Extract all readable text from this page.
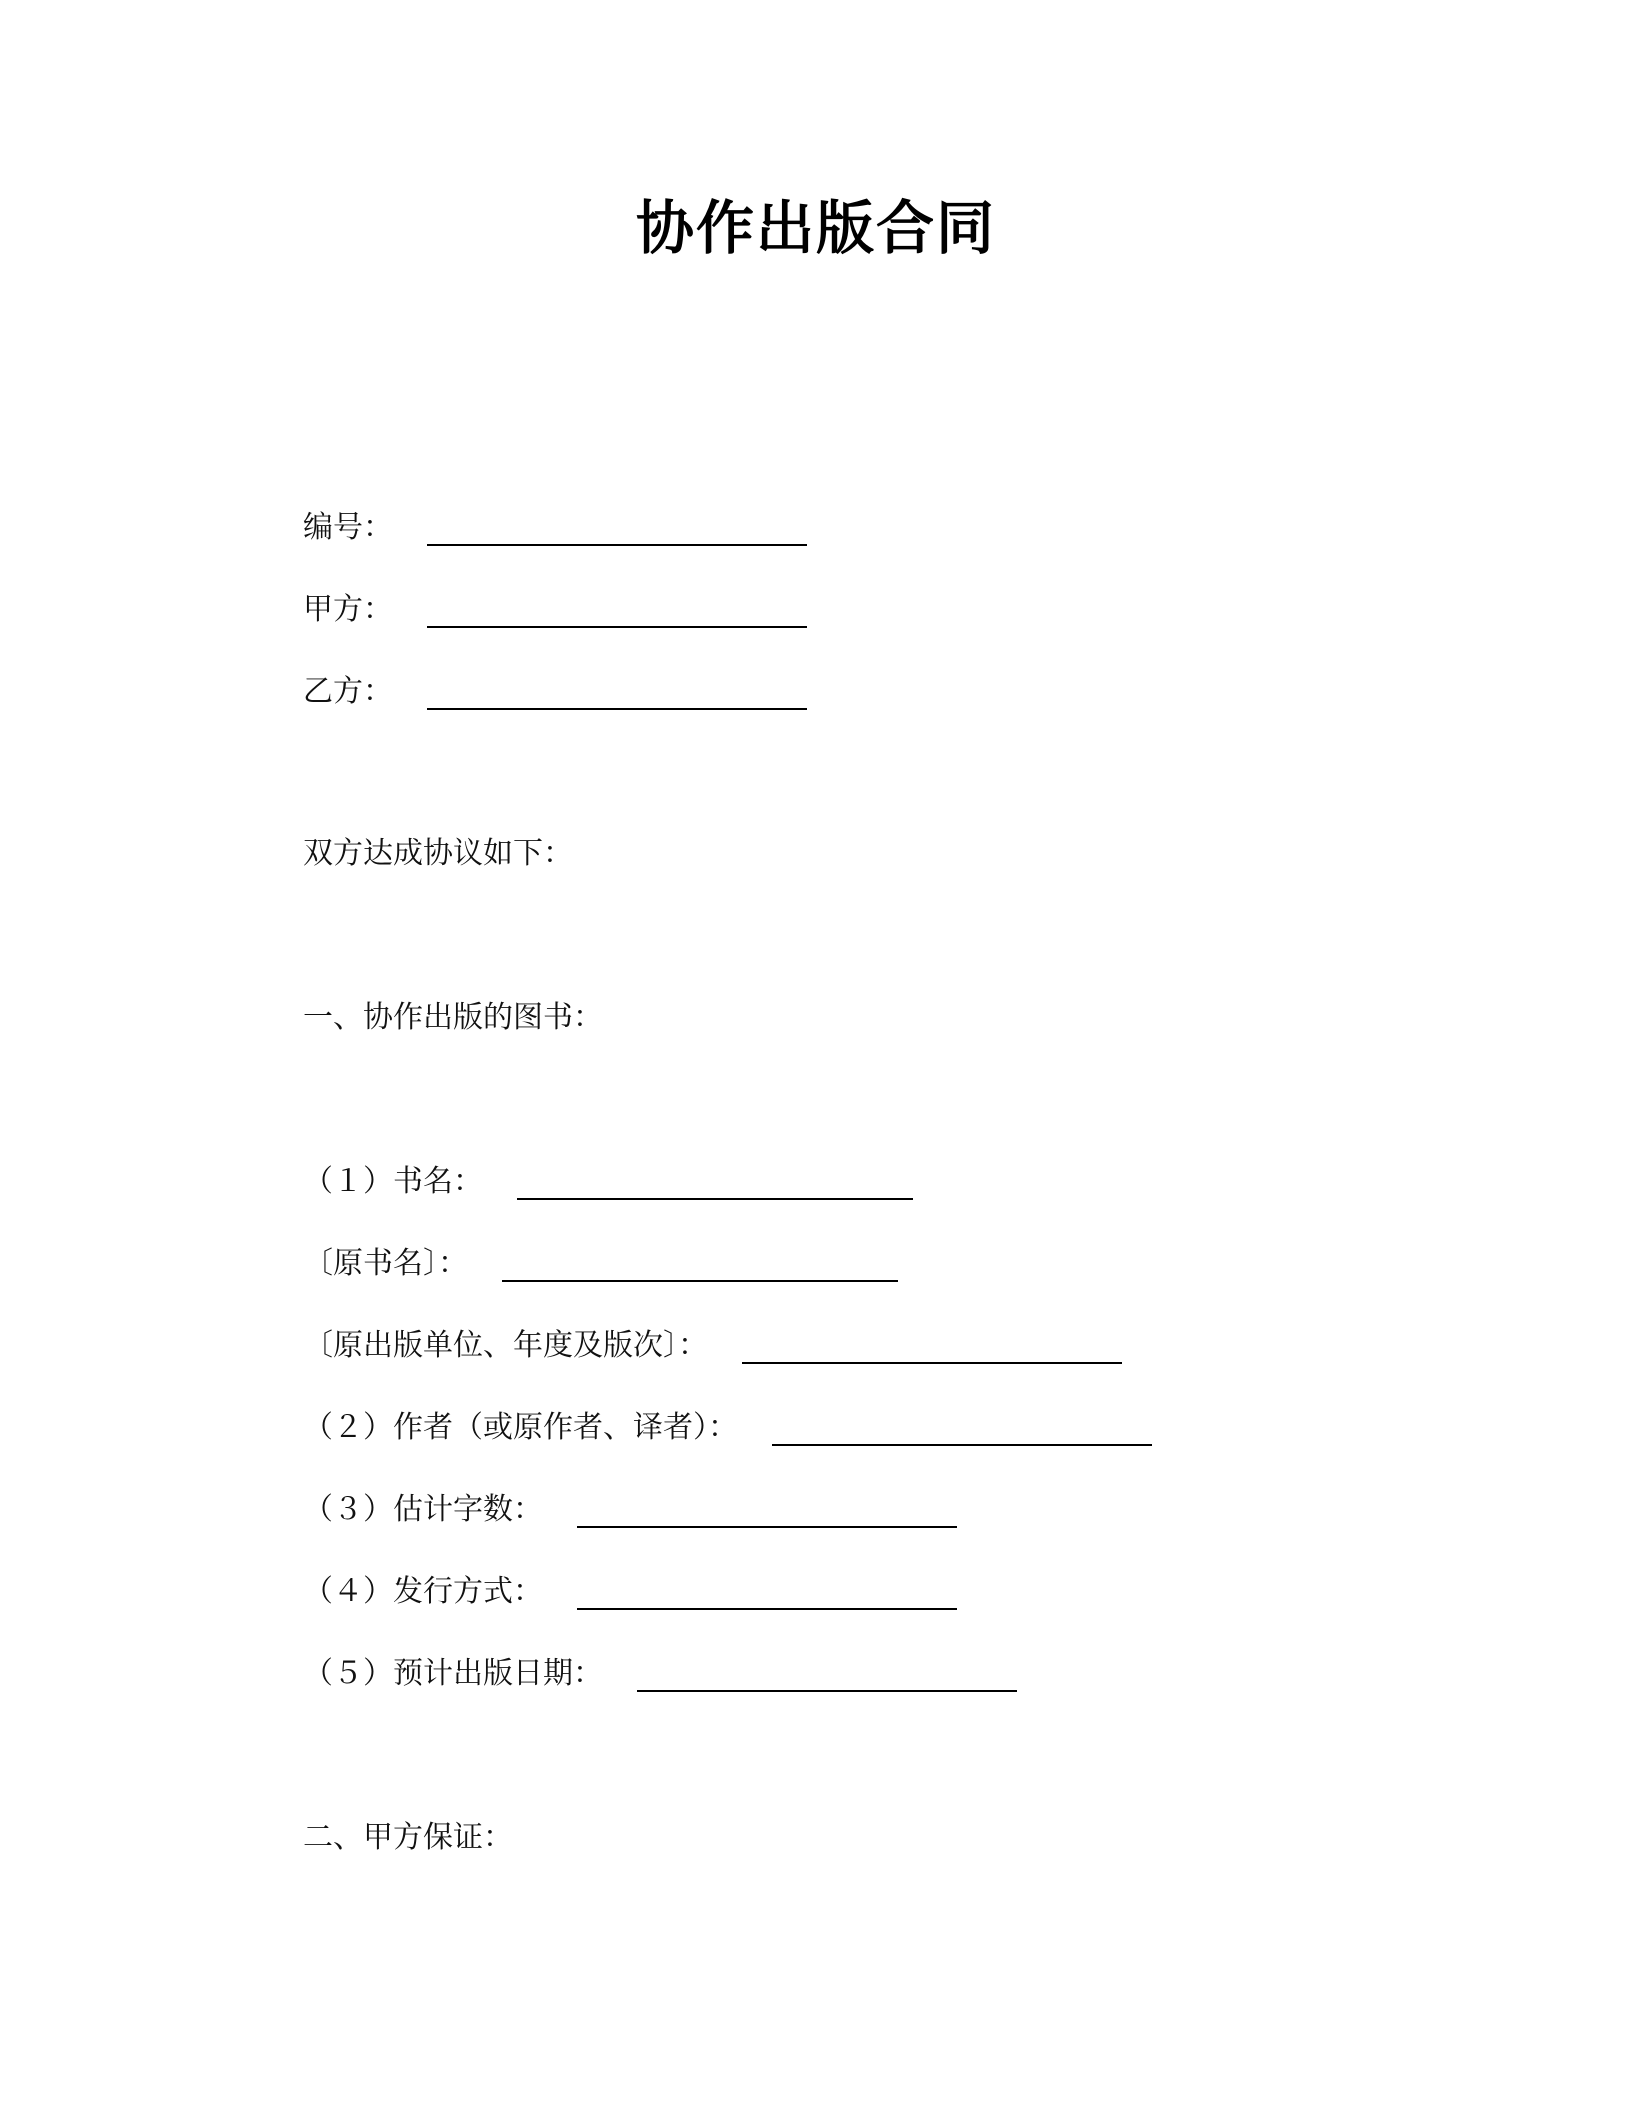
协作出版合同
编号：
甲方：
乙方：
双方达成协议如下：
一、协作出版的图书：
（１）书名：
〔原书名〕：
〔原出版单位、年度及版次〕：
（２）作者（或原作者、译者）：
（３）估计字数：
（４）发行方式：
（５）预计出版日期：
二、甲方保证：
